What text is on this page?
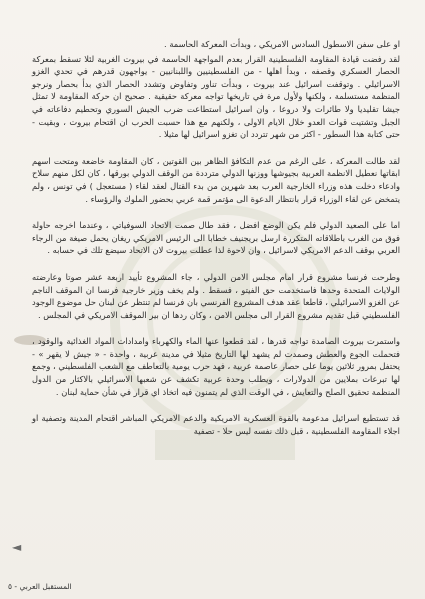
او على سفن الاسطول السادس الامريكي ، وبدأت المعركة الحاسمة .

لقد رفضت قيادة المقاومة الفلسطينية القرار بعدم المواجهة الحاسمة في بيروت الغربية لئلا تسقط بمعركة الحصار العسكري وقصفه ، وبدأ اهلها - من الفلسطينيين واللبنانيين - يواجهون قدرهم في تحدي الغزو الاسرائيلي . وتوقفت اسرائيل عند بيروت ، وبدأت تناور وتفاوض وتشدد الحصار الذي بدأ بحصار ونرجو المنظمة مستسلمة ، ولكنها ولأول مرة في تاريخها تواجه معركة حقيقية . صحيح ان حركة المقاومة لا تمثل جيشا تقليديا ولا طائرات ولا دروعا ، وان اسرائيل استطاعت ضرب الجيش السوري وتحطيم دفاعاته في الجبل وتشتيت قوات العدو خلال الايام الاولى ، ولكنهم مع هذا حسبت الحرب ان اقتحام بيروت ، وبقيت - حتى كتابة هذا السطور - اكثر من شهر تتردد ان تغزو اسرائيل لها مثيلا .

لقد طالت المعركة ، على الرغم من عدم التكافؤ الظاهر بين القوتين ، كان المقاومة خاضعة ومتحت اسهم ابقاتها نعطيل الانظمة العربية بجيوشها ووزنها الدولي مترددة من الوقف الدولي بورقها ، كان لكل منهم سلاح وادعاء دخلت هذه وزراء الخارجية العرب بعد شهرين من بدء القتال لعقد لقاء ( مستعجل ) في تونس ، ولم يتمخض عن لقاء الوزراء قرار بانتظار الدعوة الى مؤتمر قمة عربي بحضور الملوك والرؤساء .

اما على الصعيد الدولي فلم يكن الوضع افضل ، فقد طال صمت الاتحاد السوفياتي ، وعندما اخرجه حاولة فوق من الغرب باطلاقاته المتكررة ارسل بريجنيف خطابا الى الرئيس الامريكي ريغان يحمل صيغة من الرجاء العربي بوقف الدعم الامريكي لاسرائيل ، وان لاحوة لذا عطلت بيروت لان الاتحاد سيضع تلك في حسابه .

وطرحت فرنسا مشروع قرار امام مجلس الامن الدولي ، جاء المشروع تأييد اربعة عشر صوتا وعارضته الولايات المتحدة وحدها فاستخدمت حق الفيتو ، فسقط . ولم يخف وزير خارجية فرنسا ان الموقف الناجم عن الغزو الاسرائيلي ، قاطعا عقد هدف المشروع الفرنسي بان فرنسا لم تنتظر عن لبنان حل موضوع الوجود الفلسطيني قبل تقديم مشروع القرار الى مجلس الامن ، وكان ردها ان بير الموقف الامريكي في المجلس .

واستمرت بيروت الصامدة تواجه قدرها ، لقد قطعوا عنها الماء والكهرباء وامدادات المواد الغذائية والوقود ، فتحملت الجوع والعطش وصمدت لم يشهد لها التاريخ مثيلا في مدينة عربية ، واحدة - « جيش لا يقهر » - يحتفل بمرور ثلاثين يوما على حصار عاصمة عربية ، فهد حرب يومية بالتعاطف مع الشعب الفلسطيني ، وجمع لها تبرعات بملايين من الدولارات ، ويطلب وحدة عربية تكشف عن شعبها الاسرائيلي بالاكثار من الدول المنظمة تحقيق الصلح والتعايش ، في الوقت الذي لم يتمنون فيه اتخاذ اي قرار في شأن حماية لبنان .

قد تستطيع اسرائيل مدعومة بالقوة العسكرية الامريكية والدعم الامريكي المباشر اقتحام المدينة وتصفية او اجلاء المقاومة الفلسطينية ، قبل ذلك نفسه ليس حلا - تصفية

◄
المستقبل العربي - ٥
